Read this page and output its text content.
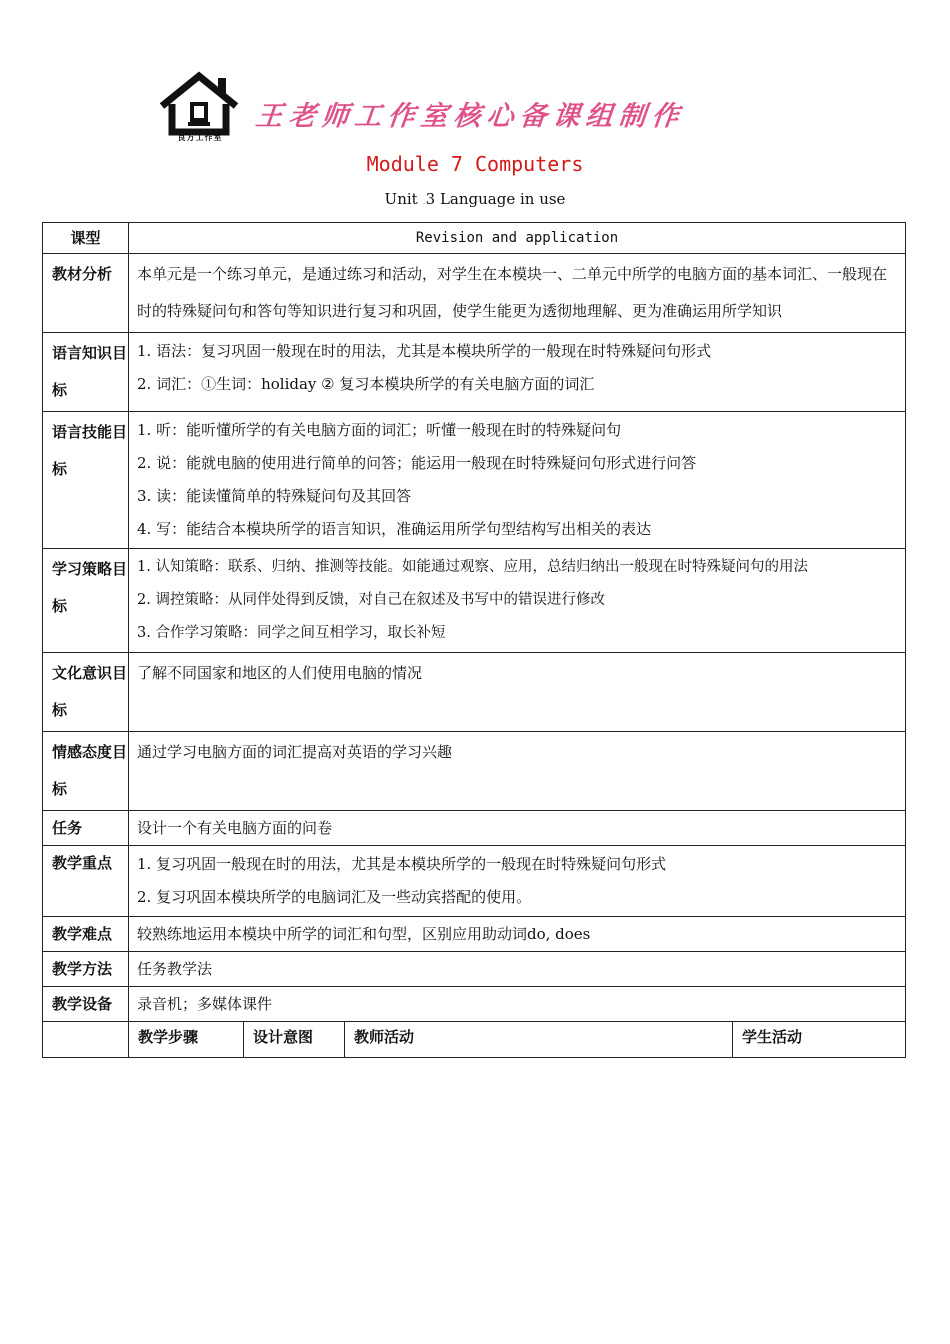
良方工作室
王老师工作室核心备课组制作
Module 7 Computers
Unit .3 Language in use
课型	Revision and application			
教材分析	本单元是一个练习单元，是通过练习和活动，对学生在本模块一、二单元中所学的电脑方面的基本词汇、一般现在时的特殊疑问句和答句等知识进行复习和巩固，使学生能更为透彻地理解、更为准确运用所学知识			
语言知识目标	1. 语法：复习巩固一般现在时的用法，尤其是本模块所学的一般现在时特殊疑问句形式
2. 词汇：①生词：holiday ② 复习本模块所学的有关电脑方面的词汇			

语言技能目标	1. 听：能听懂所学的有关电脑方面的词汇；听懂一般现在时的特殊疑问句
2. 说：能就电脑的使用进行简单的问答；能运用一般现在时特殊疑问句形式进行问答
3. 读：能读懂简单的特殊疑问句及其回答
4. 写：能结合本模块所学的语言知识，准确运用所学句型结构写出相关的表达			

学习策略目标	1. 认知策略：联系、归纳、推测等技能。如能通过观察、应用，总结归纳出一般现在时特殊疑问句的用法
2. 调控策略：从同伴处得到反馈，对自己在叙述及书写中的错误进行修改
3. 合作学习策略：同学之间互相学习，取长补短			

文化意识目标	了解不同国家和地区的人们使用电脑的情况			
情感态度目标	通过学习电脑方面的词汇提高对英语的学习兴趣			
任务	设计一个有关电脑方面的问卷			
教学重点	1. 复习巩固一般现在时的用法，尤其是本模块所学的一般现在时特殊疑问句形式
2. 复习巩固本模块所学的电脑词汇及一些动宾搭配的使用。			

教学难点	较熟练地运用本模块中所学的词汇和句型，区别应用助动词do, does			
教学方法	任务教学法			
教学设备	录音机；多媒体课件			
	教学步骤	设计意图	教师活动	学生活动
